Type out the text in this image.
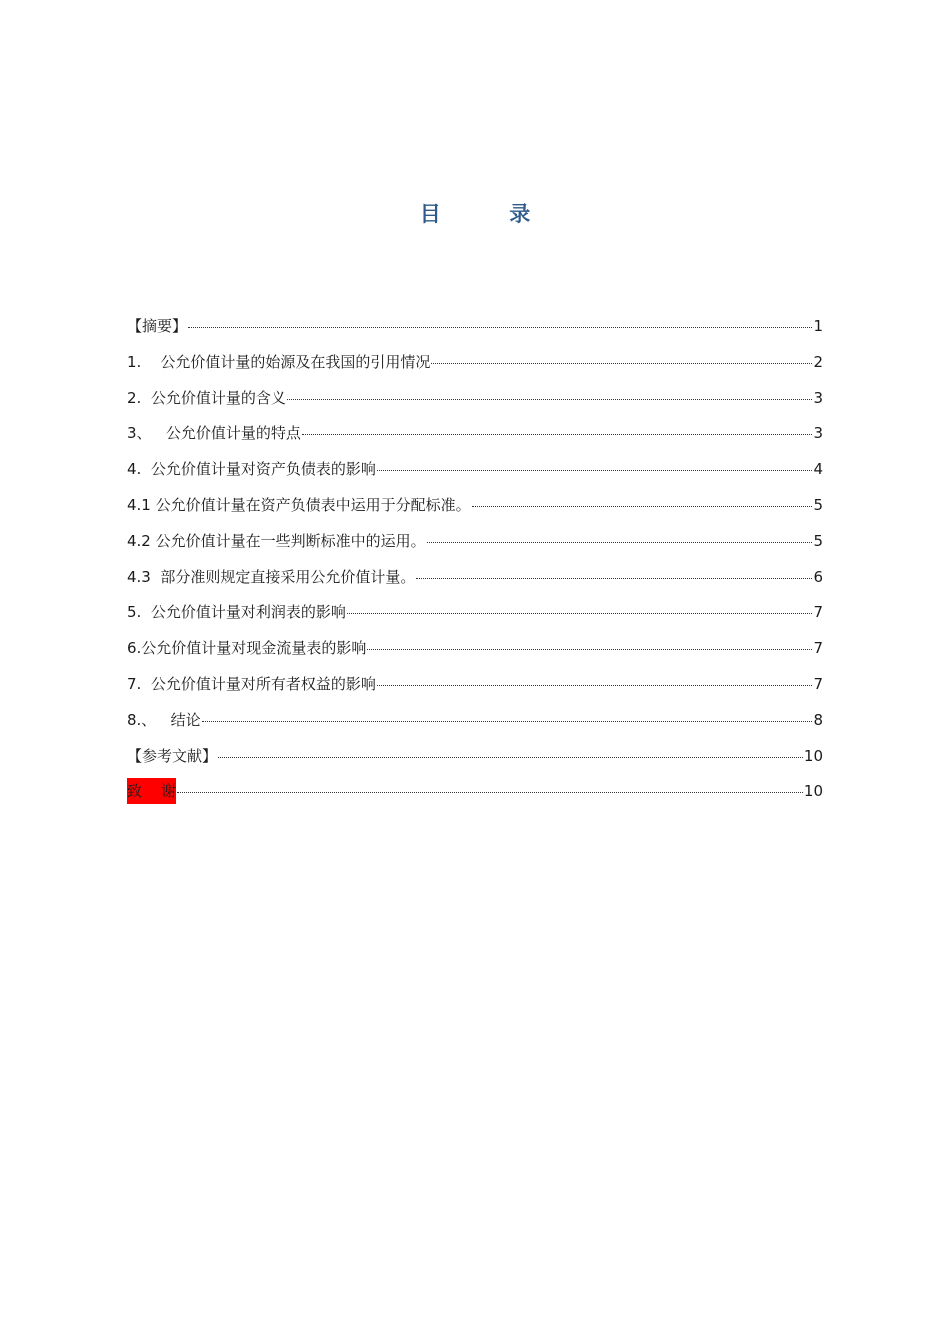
目  录
【摘要】	1
1.    公允价值计量的始源及在我国的引用情况	2
2.  公允价值计量的含义	3
3、   公允价值计量的特点	3
4.  公允价值计量对资产负债表的影响	4
4.1 公允价值计量在资产负债表中运用于分配标准。	5
4.2 公允价值计量在一些判断标准中的运用。	5
4.3  部分准则规定直接采用公允价值计量。	6
5.  公允价值计量对利润表的影响	7
6.公允价值计量对现金流量表的影响	7
7.  公允价值计量对所有者权益的影响	7
8.、   结论	8
【参考文献】	10
致    谢	10
